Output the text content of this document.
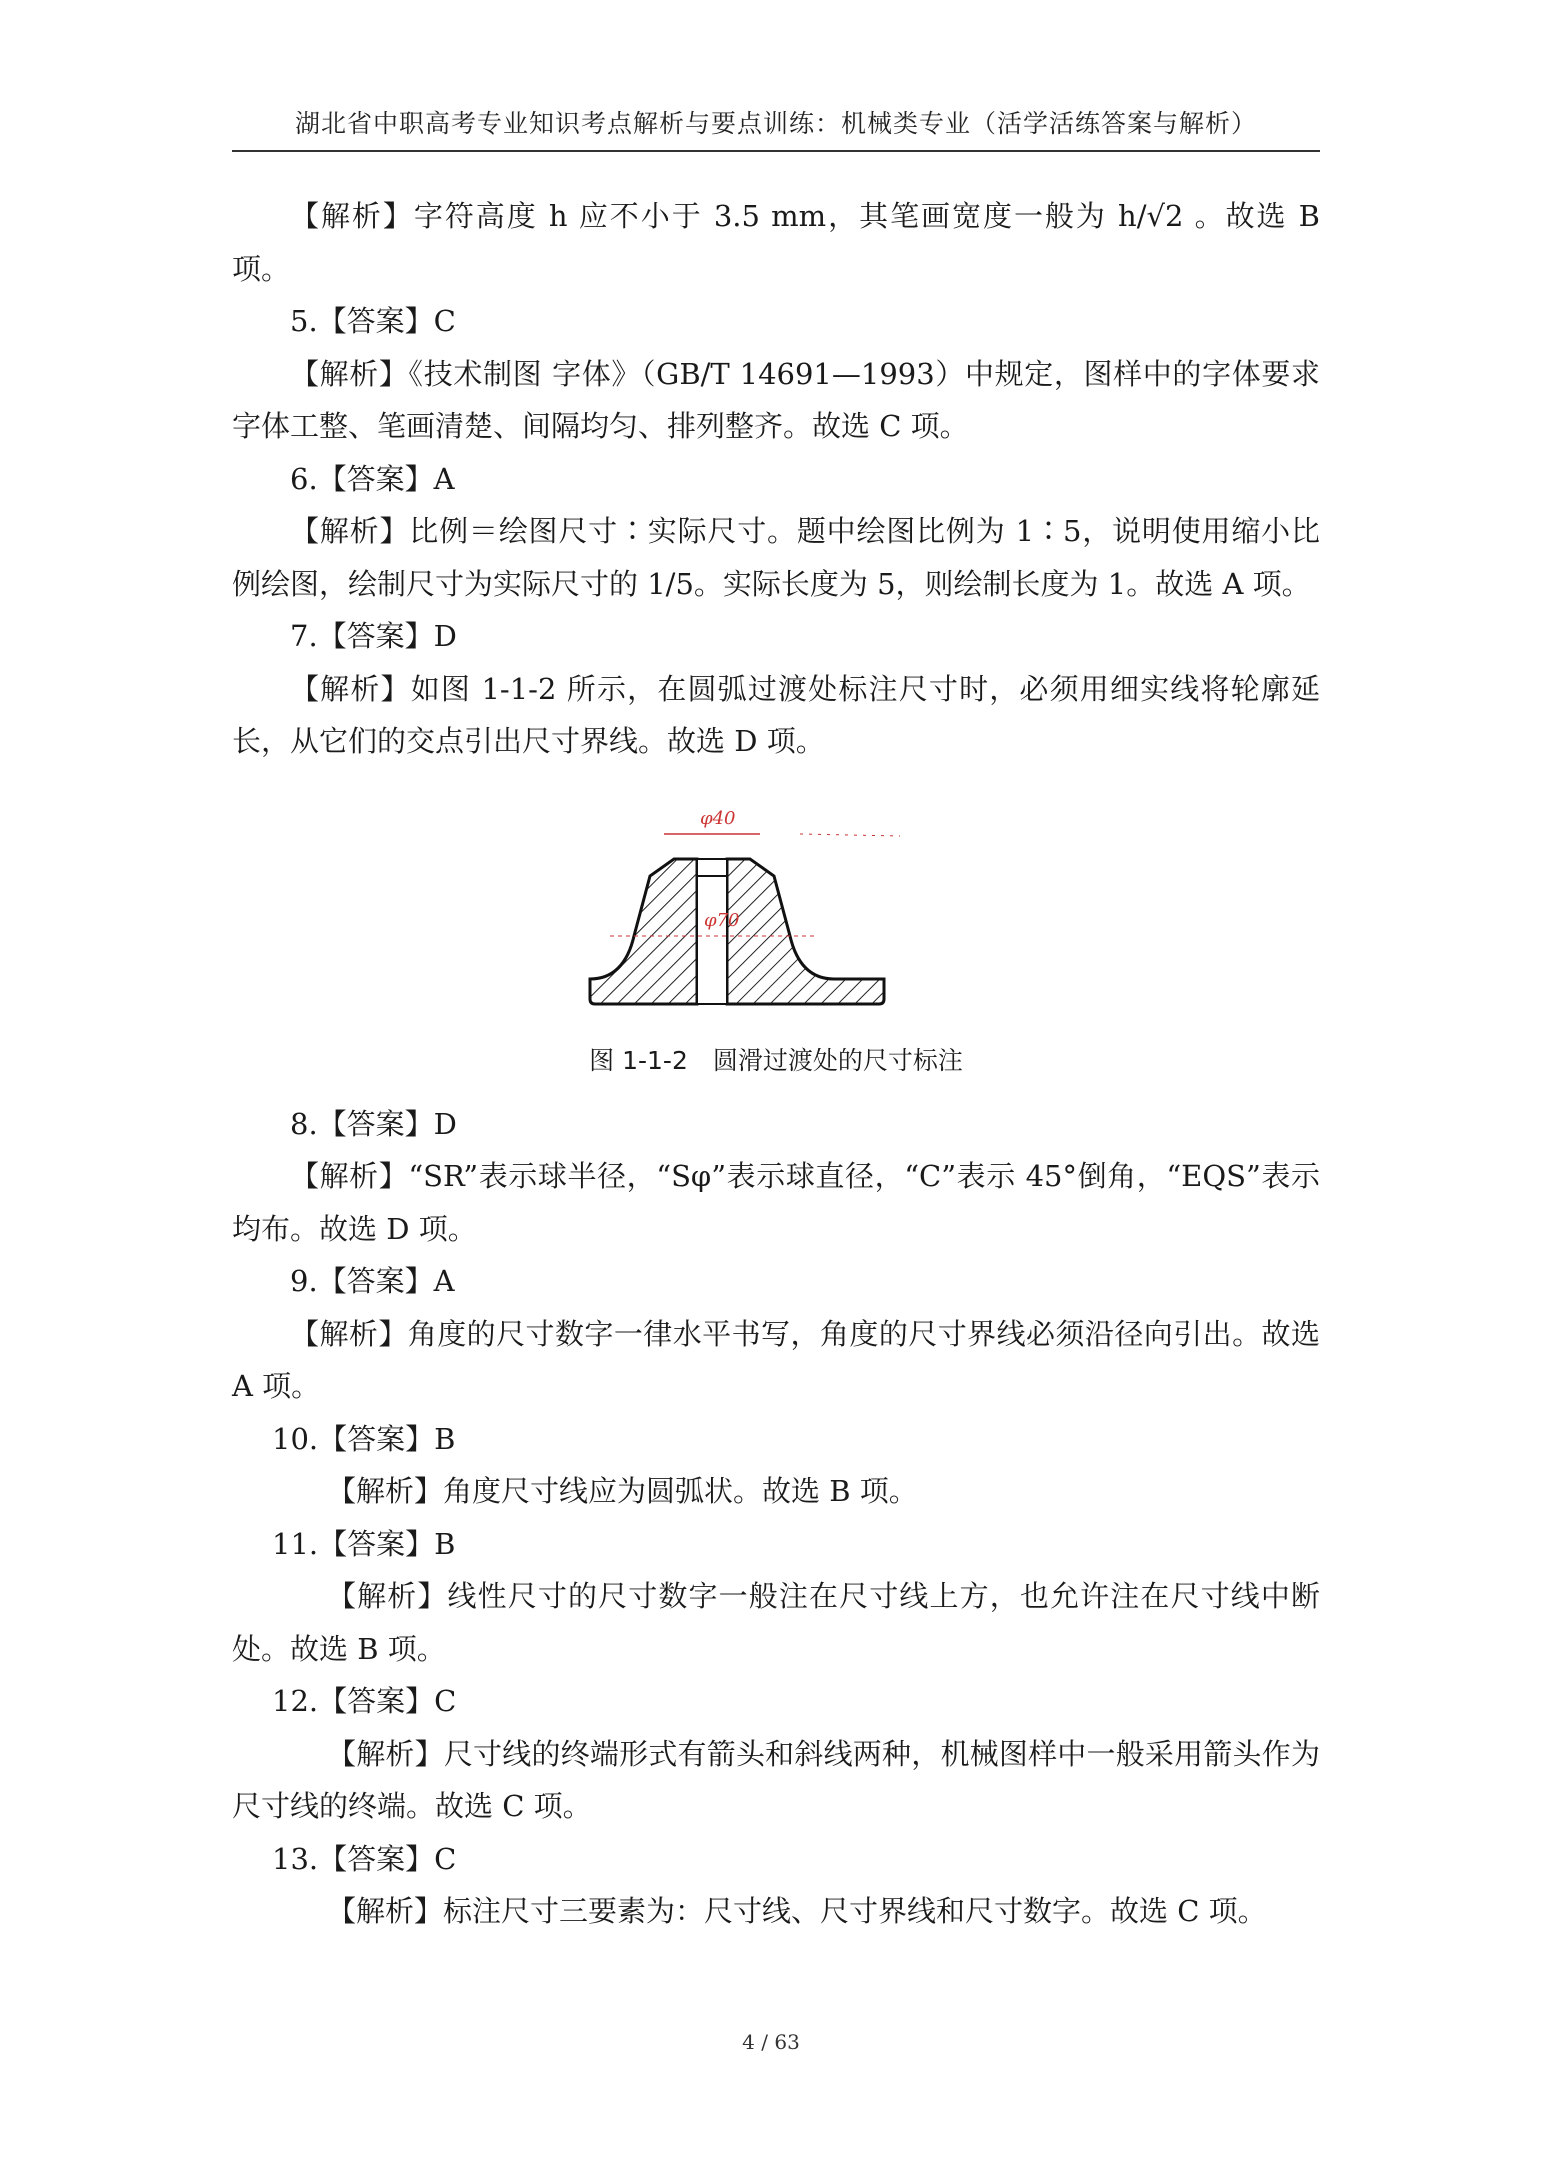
湖北省中职高考专业知识考点解析与要点训练：机械类专业（活学活练答案与解析）

【解析】字符高度 h 应不小于 3.5 mm，其笔画宽度一般为 h/√2 。故选 B 项。

5.【答案】C

【解析】《技术制图 字体》（GB/T 14691—1993）中规定，图样中的字体要求字体工整、笔画清楚、间隔均匀、排列整齐。故选 C 项。

6.【答案】A

【解析】比例＝绘图尺寸∶实际尺寸。题中绘图比例为 1∶5，说明使用缩小比例绘图，绘制尺寸为实际尺寸的 1/5。实际长度为 5，则绘制长度为 1。故选 A 项。

7.【答案】D

【解析】如图 1-1-2 所示，在圆弧过渡处标注尺寸时，必须用细实线将轮廓延长，从它们的交点引出尺寸界线。故选 D 项。

φ40
φ70
图 1-1-2　圆滑过渡处的尺寸标注

8.【答案】D

【解析】“SR”表示球半径，“Sφ”表示球直径，“C”表示 45°倒角，“EQS”表示均布。故选 D 项。

9.【答案】A

【解析】角度的尺寸数字一律水平书写，角度的尺寸界线必须沿径向引出。故选 A 项。

10.【答案】B

【解析】角度尺寸线应为圆弧状。故选 B 项。

11.【答案】B

【解析】线性尺寸的尺寸数字一般注在尺寸线上方，也允许注在尺寸线中断处。故选 B 项。

12.【答案】C

【解析】尺寸线的终端形式有箭头和斜线两种，机械图样中一般采用箭头作为尺寸线的终端。故选 C 项。

13.【答案】C

【解析】标注尺寸三要素为：尺寸线、尺寸界线和尺寸数字。故选 C 项。

4 / 63
